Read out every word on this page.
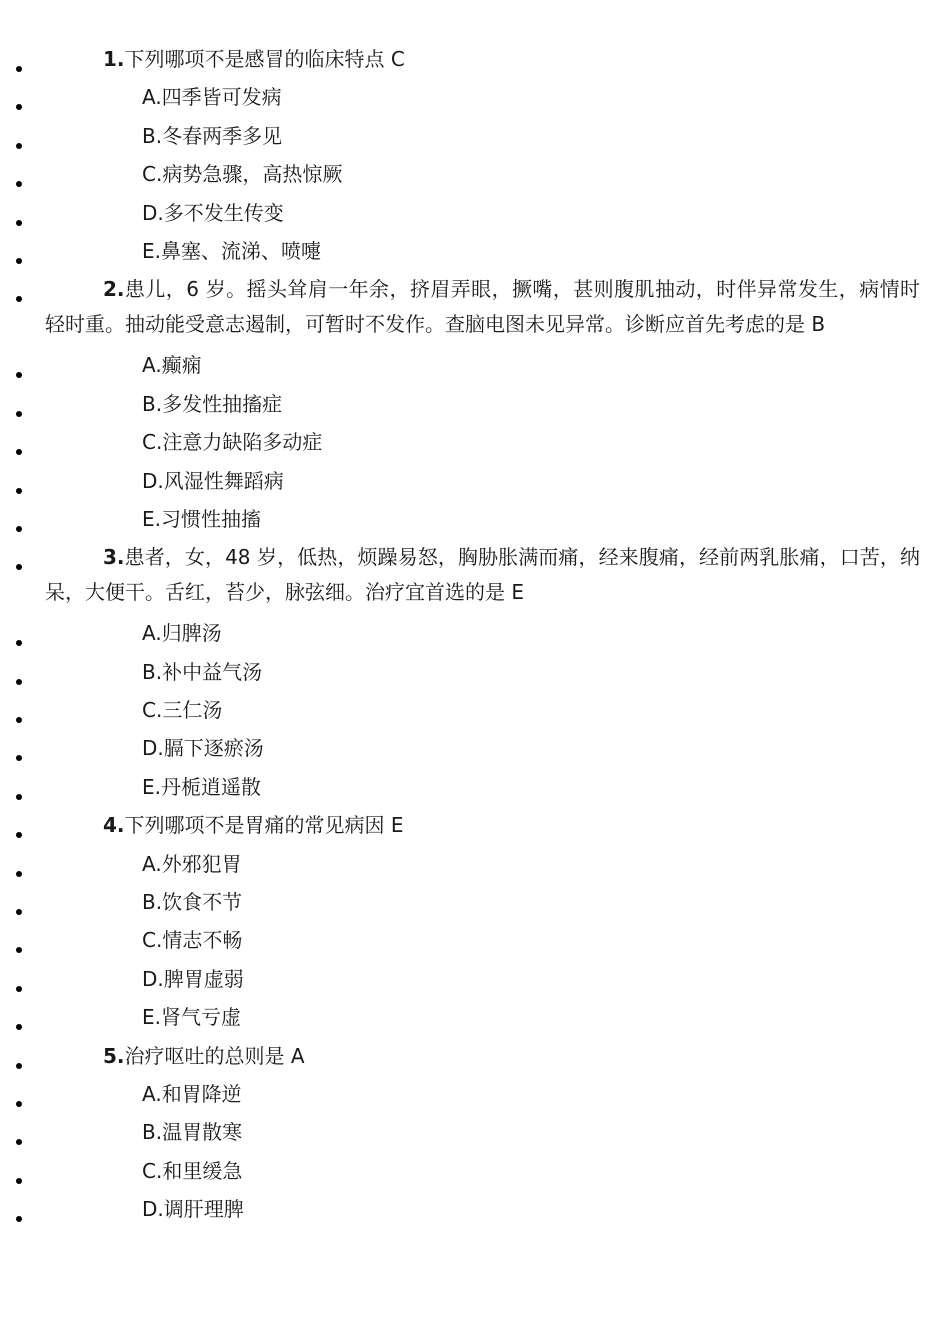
1.下列哪项不是感冒的临床特点 C
A.四季皆可发病
B.冬春两季多见
C.病势急骤，高热惊厥
D.多不发生传变
E.鼻塞、流涕、喷嚏
2.患儿，6 岁。摇头耸肩一年余，挤眉弄眼，撅嘴，甚则腹肌抽动，时伴异常发生，病情时轻时重。抽动能受意志遏制，可暂时不发作。查脑电图未见异常。诊断应首先考虑的是 B
A.癫痫
B.多发性抽搐症
C.注意力缺陷多动症
D.风湿性舞蹈病
E.习惯性抽搐
3.患者，女，48 岁，低热，烦躁易怒，胸胁胀满而痛，经来腹痛，经前两乳胀痛，口苦，纳呆，大便干。舌红，苔少，脉弦细。治疗宜首选的是 E
A.归脾汤
B.补中益气汤
C.三仁汤
D.膈下逐瘀汤
E.丹栀逍遥散
4.下列哪项不是胃痛的常见病因 E
A.外邪犯胃
B.饮食不节
C.情志不畅
D.脾胃虚弱
E.肾气亏虚
5.治疗呕吐的总则是 A
A.和胃降逆
B.温胃散寒
C.和里缓急
D.调肝理脾
